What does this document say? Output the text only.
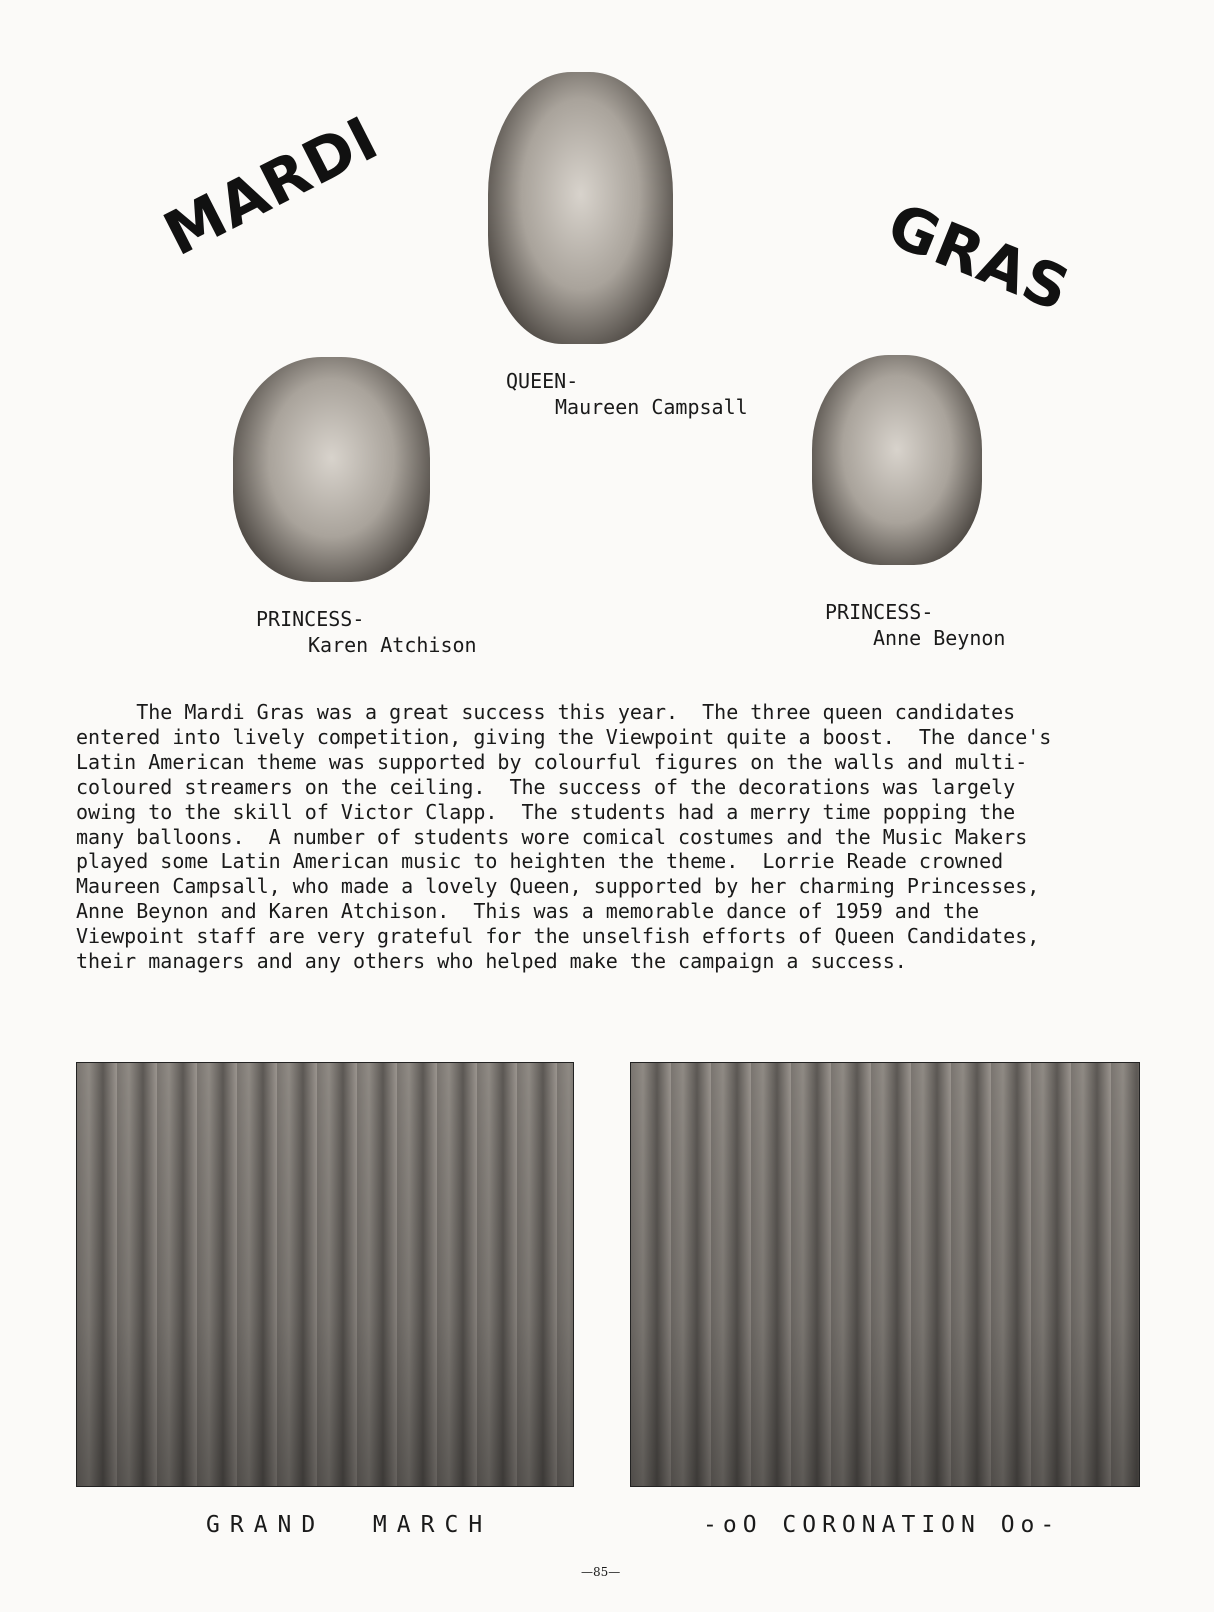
MARDI	GRAS
QUEEN-
Maureen Campsall
PRINCESS-
Karen Atchison
PRINCESS-
Anne Beynon
The Mardi Gras was a great success this year.  The three queen candidates
entered into lively competition, giving the Viewpoint quite a boost.  The dance's
Latin American theme was supported by colourful figures on the walls and multi-
coloured streamers on the ceiling.  The success of the decorations was largely
owing to the skill of Victor Clapp.  The students had a merry time popping the
many balloons.  A number of students wore comical costumes and the Music Makers
played some Latin American music to heighten the theme.  Lorrie Reade crowned
Maureen Campsall, who made a lovely Queen, supported by her charming Princesses,
Anne Beynon and Karen Atchison.  This was a memorable dance of 1959 and the
Viewpoint staff are very grateful for the unselfish efforts of Queen Candidates,
their managers and any others who helped make the campaign a success.
GRAND  MARCH	-oO CORONATION Oo-
—85—
